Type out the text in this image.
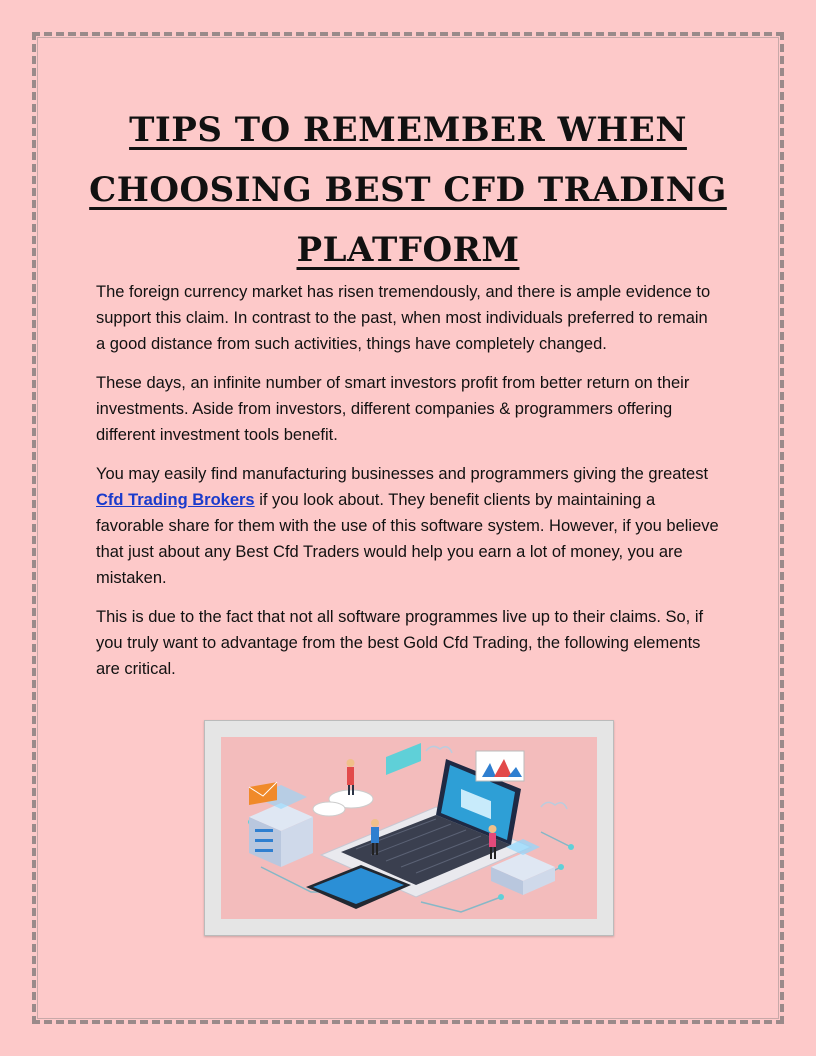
TIPS TO REMEMBER WHEN
CHOOSING BEST CFD TRADING
PLATFORM

The foreign currency market has risen tremendously, and there is ample evidence to support this claim. In contrast to the past, when most individuals preferred to remain a good distance from such activities, things have completely changed.

These days, an infinite number of smart investors profit from better return on their investments. Aside from investors, different companies & programmers offering different investment tools benefit.

You may easily find manufacturing businesses and programmers giving the greatest Cfd Trading Brokers if you look about. They benefit clients by maintaining a favorable share for them with the use of this software system. However, if you believe that just about any Best Cfd Traders would help you earn a lot of money, you are mistaken.

This is due to the fact that not all software programmes live up to their claims. So, if you truly want to advantage from the best Gold Cfd Trading, the following elements are critical.
